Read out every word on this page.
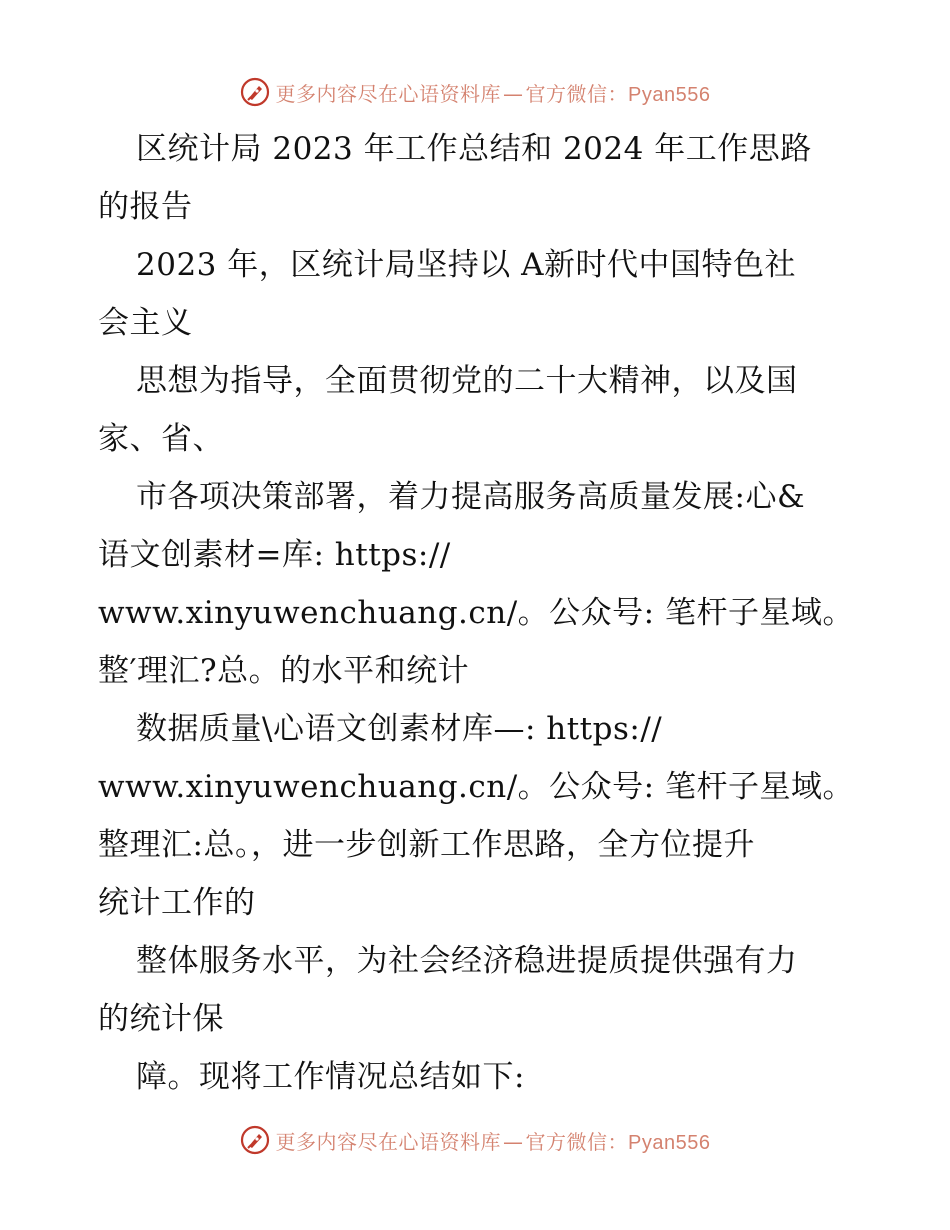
更多内容尽在心语资料库 — 官方微信：Pyan556
区统计局 2023 年工作总结和 2024 年工作思路
的报告
2023 年，区统计局坚持以 A新时代中国特色社
会主义
思想为指导，全面贯彻党的二十大精神，以及国
家、省、
市各项决策部署，着力提高服务高质量发展:心&
语文创素材=库: https://
www.xinyuwenchuang.cn/。公众号: 笔杆子星域。
整′理汇?总。的水平和统计
数据质量\心语文创素材库—: https://
www.xinyuwenchuang.cn/。公众号: 笔杆子星域。
整理汇:总。，进一步创新工作思路，全方位提升
统计工作的
整体服务水平，为社会经济稳进提质提供强有力
的统计保
障。现将工作情况总结如下:
更多内容尽在心语资料库 — 官方微信：Pyan556
